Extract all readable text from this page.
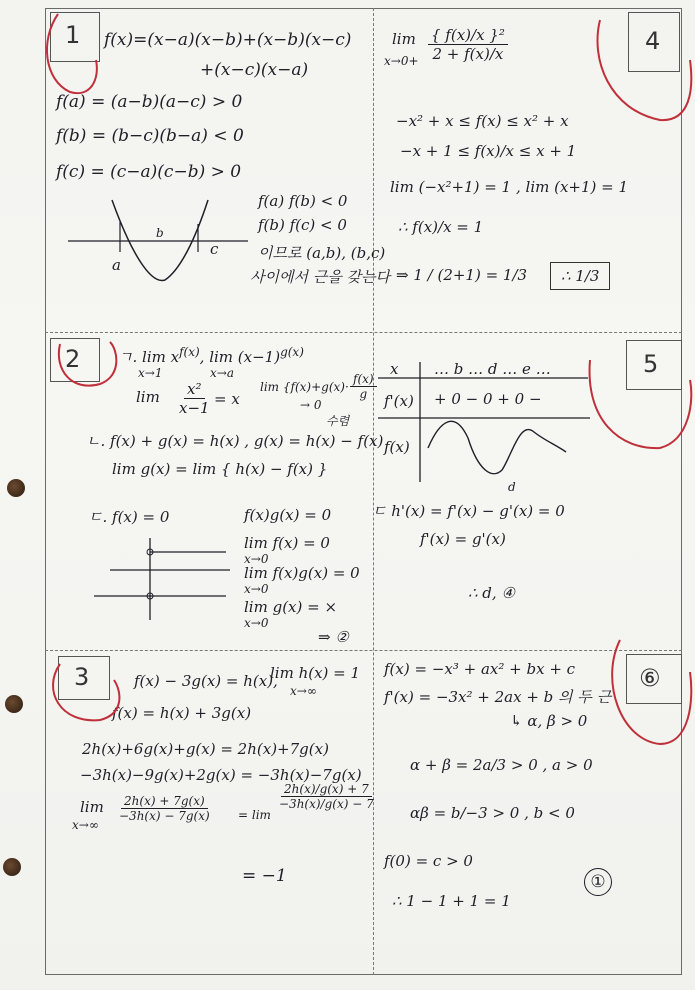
1	4
2	5
3	⑥
f(x)=(x−a)(x−b)+(x−b)(x−c)
+(x−c)(x−a)
f(a) = (a−b)(a−c) > 0
f(b) = (b−c)(b−a) < 0
f(c) = (c−a)(c−b) > 0
a
b
c
f(a) f(b) < 0
f(b) f(c) < 0
이므로 (a,b), (b,c)
사이에서 근을 갖는다
lim
$x\to 0+ \frac{\text{\{ f(x)/x \}²}}{2 + f(x)/x}$
−x² + x ≤ f(x) ≤ x² + x
−x + 1 ≤ f(x)/x ≤ x + 1
lim (−x²+1) = 1 , lim (x+1) = 1
∴ f(x)/x = 1
⇒ 1 / (2+1) = 1/3	∴ 1/3
ㄱ. $\lim x^{f(x)}$, $\lim (x-1)^{g(x)}$
x→1	x→a
$\lim \frac{\text{x²}}{x-1} = x$
$\lim \{f(x)+g(x)\cdot \frac{f(x)}{g}$
→ 0
수렴
ㄴ. f(x) + g(x) = h(x) , g(x) = h(x) − f(x)
lim g(x) = lim { h(x) − f(x) }
ㄷ. f(x) = 0	f(x)g(x) = 0
lim f(x) = 0
x→0
lim f(x)g(x) = 0
x→0
lim g(x) = ×
x→0
⇒ ②
x … b … d … e …
f'(x) + 0 − 0 + 0 −
f(x)
d
ㄷ h'(x) = f'(x) − g'(x) = 0
f'(x) = g'(x)
∴ d, ④
f(x) − 3g(x) = h(x),
lim h(x) = 1
x→∞
f(x) = h(x) + 3g(x)
2h(x)+6g(x)+g(x) = 2h(x)+7g(x)
−3h(x)−9g(x)+2g(x) = −3h(x)−7g(x)
lim
x→∞
$\frac{2h(x) + 7g(x)}{-3h(x) - 7g(x)} = \lim$
$\frac{2h(x)/g(x) + 7}{-3h(x)/g(x) - 7}$
= −1
f(x) = −x³ + ax² + bx + c
f'(x) = −3x² + 2ax + b 의 두 근
↳ α, β > 0
α + β = 2a/3 > 0 , a > 0
αβ = b/−3 > 0 , b < 0
f(0) = c > 0
∴ 1 − 1 + 1 = 1
①
